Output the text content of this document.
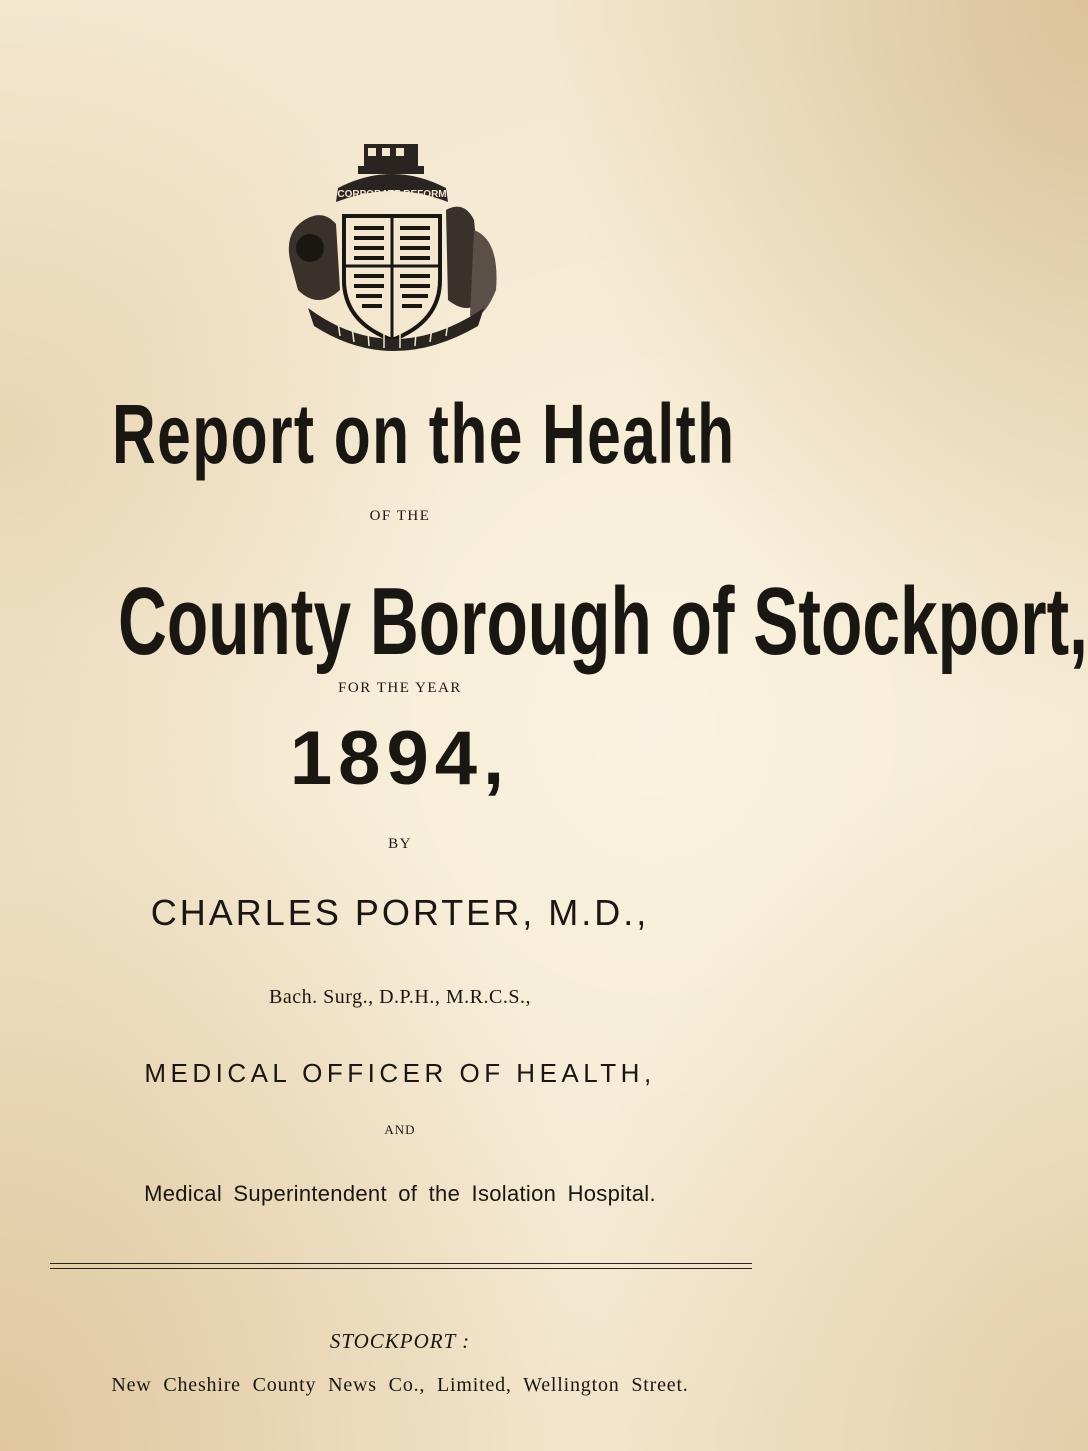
CORPORATE REFORM
Report on the Health
OF THE
County Borough of Stockport,
FOR THE YEAR
1894,
BY
CHARLES PORTER, M.D.,
Bach. Surg., D.P.H., M.R.C.S.,
MEDICAL OFFICER OF HEALTH,
AND
Medical Superintendent of the Isolation Hospital.
STOCKPORT :
New Cheshire County News Co., Limited, Wellington Street.
